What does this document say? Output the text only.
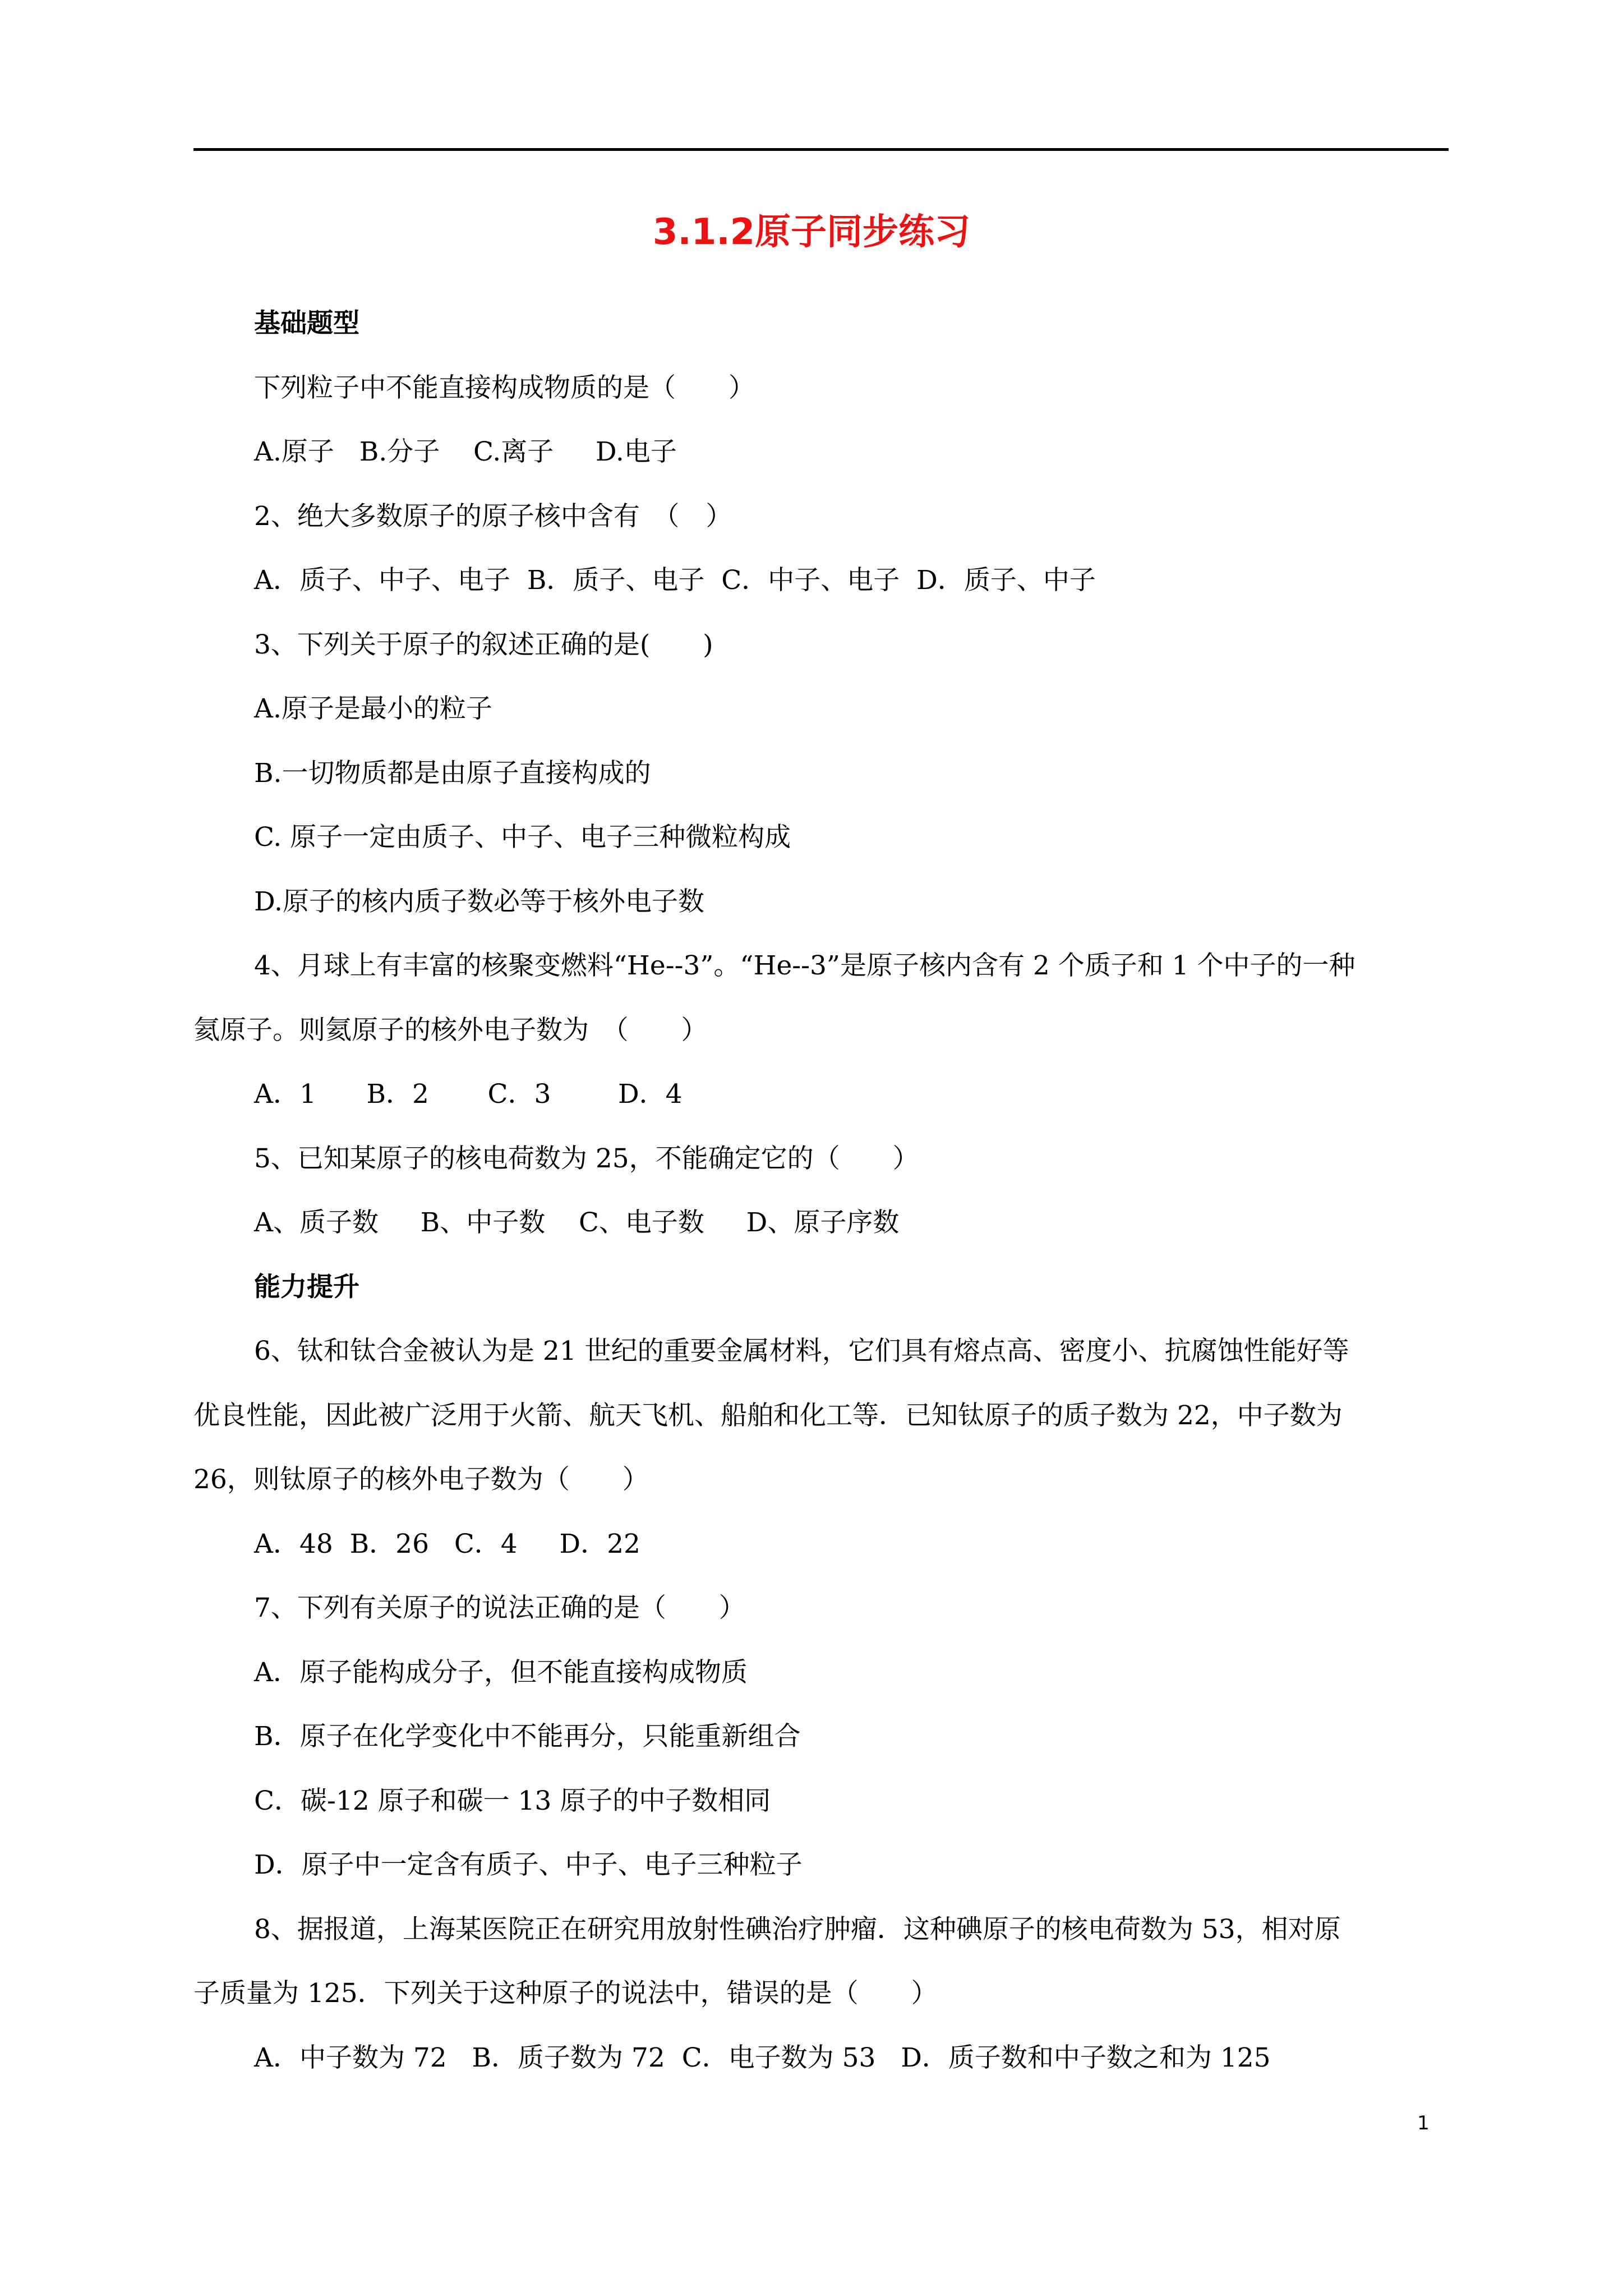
3.1.2原子同步练习
基础题型
下列粒子中不能直接构成物质的是（　　）
A.原子 B.分子 C.离子 D.电子
2、绝大多数原子的原子核中含有　（　）
A．质子、中子、电子 B．质子、电子 C．中子、电子 D．质子、中子
3、下列关于原子的叙述正确的是(　　)
A.原子是最小的粒子
B.一切物质都是由原子直接构成的
C. 原子一定由质子、中子、电子三种微粒构成
D.原子的核内质子数必等于核外电子数
4、月球上有丰富的核聚变燃料“He--3”。“He--3”是原子核内含有 2 个质子和 1 个中子的一种
氦原子。则氦原子的核外电子数为　（　　）
A．1 B．2 C．3	D．4
5、已知某原子的核电荷数为 25，不能确定它的（　　）
A、质子数 B、中子数 C、电子数 D、原子序数
能力提升
6、钛和钛合金被认为是 21 世纪的重要金属材料，它们具有熔点高、密度小、抗腐蚀性能好等
优良性能，因此被广泛用于火箭、航天飞机、船舶和化工等．已知钛原子的质子数为 22，中子数为
26，则钛原子的核外电子数为（　　）
A．48 B．26 C．4 D．22
7、下列有关原子的说法正确的是（　　）
A．原子能构成分子，但不能直接构成物质
B．原子在化学变化中不能再分，只能重新组合
C．碳-12 原子和碳一 13 原子的中子数相同
D．原子中一定含有质子、中子、电子三种粒子
8、据报道，上海某医院正在研究用放射性碘治疗肿瘤．这种碘原子的核电荷数为 53，相对原
子质量为 125．下列关于这种原子的说法中，错误的是（　　）
A．中子数为 72 B．质子数为 72 C．电子数为 53 D．质子数和中子数之和为 125
1
